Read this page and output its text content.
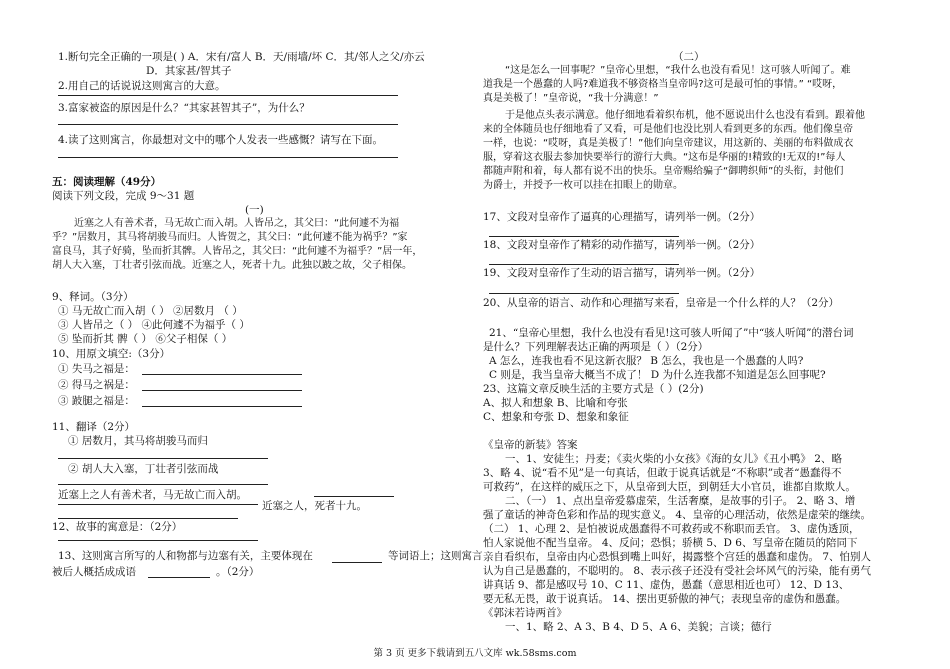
1.断句完全正确的一项是( ) A．宋有/富人 B．天/雨墙/坏 C．其/邻人之父/亦云
D．其家甚/智其子
2.用自己的话说说这则寓言的大意。
3.富家被盗的原因是什么？“其家甚智其子”，为什么？
4.读了这则寓言，你最想对文中的哪个人发表一些感慨？请写在下面。
五：阅读理解（49分）
阅读下列文段，完成 9～31 题
(一)
近塞之人有善术者，马无故亡而入胡。人皆吊之，其父曰：“此何遽不为福
乎？”居数月，其马将胡骏马而归。人皆贺之，其父曰：“此何遽不能为祸乎？”家
富良马，其子好骑，坠而折其髀。人皆吊之，其父曰：“此何遽不为福乎？”居一年，
胡人大入塞，丁壮者引弦而战。近塞之人，死者十九。此独以跛之故，父子相保。
9、释词。（3分）
① 马无故亡而入胡（ ） ②居数月 （ ）
③ 人皆吊之（ ） ④此何遽不为福乎（ ）
⑤ 坠而折其 髀（ ） ⑥父子相保（ ）
10、用原文填空:（3分）
① 失马之福是：
② 得马之祸是：
③ 跛腿之福是：
11、翻译（2分）
① 居数月，其马将胡骏马而归
② 胡人大入塞，丁壮者引弦而战
近塞上之人有善术者，马无故亡而入胡。
近塞之人，死者十九。
12、故事的寓意是：（2分）
13、这则寓言所写的人和物都与边塞有关，主要体现在	等词语上；这则寓言
被后人概括成成语	。（2分）
（二）
“这是怎么一回事呢？”皇帝心里想，“我什么也没有看见！这可骇人听闻了。难
道我是一个愚蠢的人吗?难道我不够资格当皇帝吗?这可是最可怕的事情。” “哎呀，
真是美极了！”皇帝说，“我十分满意！”
于是他点头表示满意。他仔细地看着织布机，他不愿说出什么也没有看到。跟着他
来的全体随员也仔细地看了又看，可是他们也没比别人看到更多的东西。他们像皇帝
一样，也说：“哎呀，真是美极了！”他们向皇帝建议，用这新的、美丽的布料做成衣
服，穿着这衣服去参加快要举行的游行大典。“这布是华丽的!精致的!无双的!”每人
都随声附和着，每人都有说不出的快乐。皇帝赐给骗子“御聘织师”的头衔，封他们
为爵士，并授予一枚可以挂在扣眼上的勋章。
17、文段对皇帝作了逼真的心理描写，请列举一例。（2分）
18、文段对皇帝作了精彩的动作描写，请列举一例。（2分）
19、文段对皇帝作了生动的语言描写，请列举一例。（2分）
20、从皇帝的语言、动作和心理描写来看，皇帝是一个什么样的人？（2分）
21、“皇帝心里想，我什么也没有看见!这可骇人听闻了”中“骇人听闻”的潜台词
是什么？下列理解表达正确的两项是（ ）（2分）
A 怎么，连我也看不见这新衣服？ B 怎么，我也是一个愚蠢的人吗?
C 则是，我当皇帝大概当不成了！ D 为什么连我都不知道是怎么回事呢?
23、这篇文章反映生活的主要方式是（ ）(2分)
A、拟人和想象 B、比喻和夸张
C、想象和夸张 D、想象和象征
《皇帝的新装》答案
一、1、安徒生；丹麦；《卖火柴的小女孩》《海的女儿》《丑小鸭》 2、略
3、略 4、说“看不见”是一句真话，但敢于说真话就是“不称职”或者“愚蠢得不
可救药”，在这样的威压之下，从皇帝到大臣，到朝廷大小官员，谁都自欺欺人。
二、（一） 1、点出皇帝爱慕虚荣，生活奢糜，是故事的引子。 2、略 3、增
强了童话的神奇色彩和作品的现实意义。 4、皇帝的心理活动，依然是虚荣的继续。
（二） 1、心理 2、是怕被说成愚蠢得不可救药或不称职而丢官。 3、虚伪透顶，
怕人家说他不配当皇帝。 4、反问；恐惧；骄横 5、D 6、写皇帝在随员的陪同下
亲自看织布，皇帝由内心恐惧到嘴上叫好，揭露整个宫廷的愚蠢和虚伪。 7、怕别人
认为自己是愚蠢的，不聪明的。 8、表示孩子还没有受社会坏风气的污染，能有勇气
讲真话 9、都是感叹号 10、C 11、虚伪，愚蠢（意思相近也可） 12、D 13、
要无私无畏，敢于说真话。 14、摆出更骄傲的神气；表现皇帝的虚伪和愚蠢。
《郭沫若诗两首》
一、1、略 2、A 3、B 4、D 5、A 6、美貌；言谈；德行
第 3 页 更多下载请到五八文库 wk.58sms.com
